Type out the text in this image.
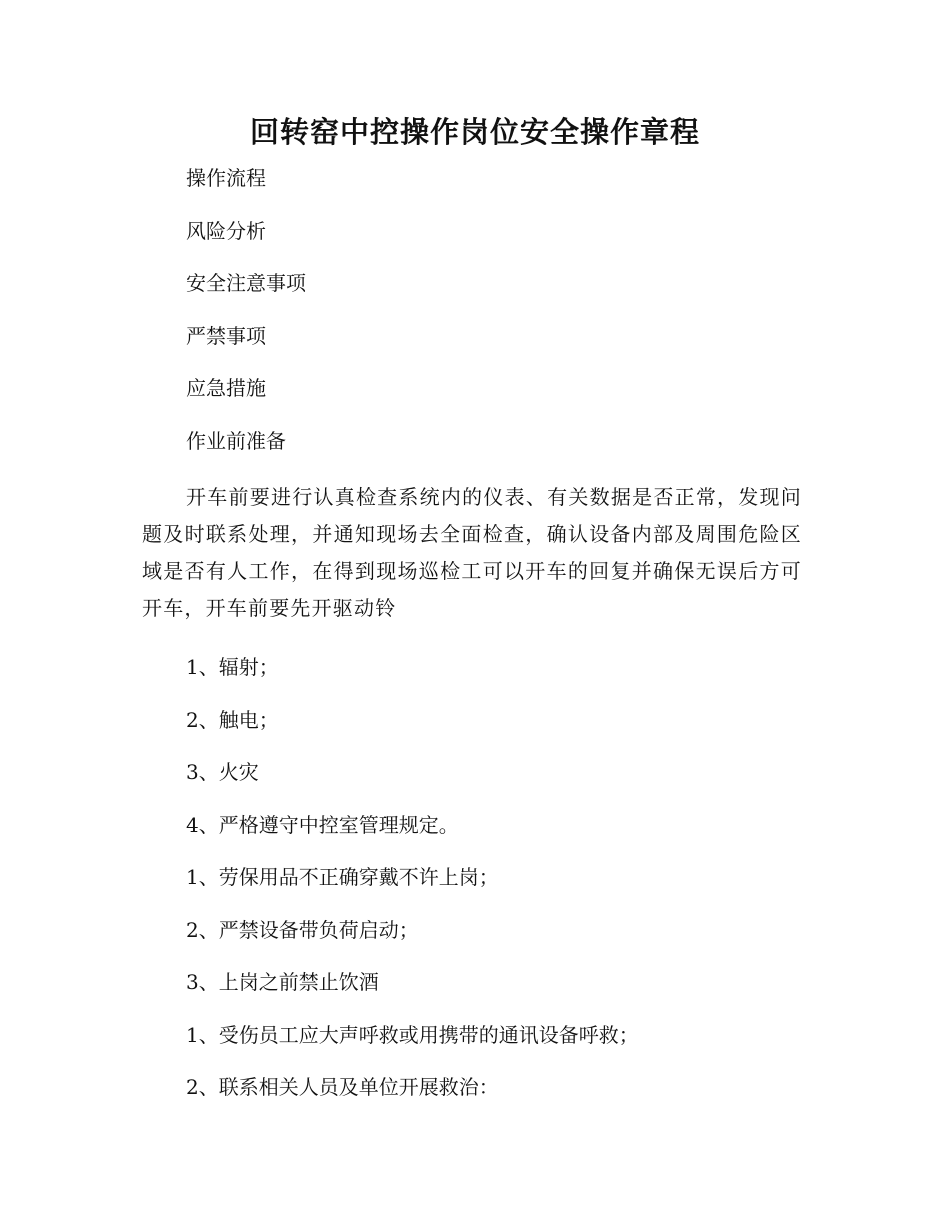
回转窑中控操作岗位安全操作章程

操作流程

风险分析

安全注意事项

严禁事项

应急措施

作业前准备

开车前要进行认真检查系统内的仪表、有关数据是否正常，发现问题及时联系处理，并通知现场去全面检查，确认设备内部及周围危险区域是否有人工作，在得到现场巡检工可以开车的回复并确保无误后方可开车，开车前要先开驱动铃

1、辐射；

2、触电；

3、火灾

4、严格遵守中控室管理规定。

1、劳保用品不正确穿戴不许上岗；

2、严禁设备带负荷启动；

3、上岗之前禁止饮酒

1、受伤员工应大声呼救或用携带的通讯设备呼救；

2、联系相关人员及单位开展救治：
